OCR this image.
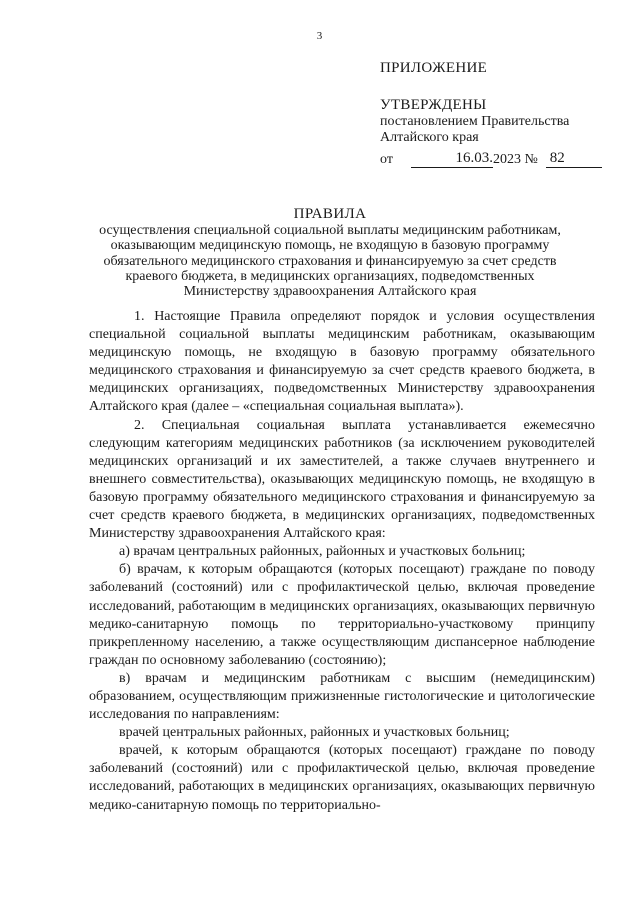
3
ПРИЛОЖЕНИЕ
УТВЕРЖДЕНЫ
постановлением Правительства
Алтайского края
от	16.03. 2023 № 82
ПРАВИЛА
осуществления специальной социальной выплаты медицинским работникам,
оказывающим медицинскую помощь, не входящую в базовую программу
обязательного медицинского страхования и финансируемую за счет средств
краевого бюджета, в медицинских организациях, подведомственных
Министерству здравоохранения Алтайского края

1. Настоящие Правила определяют порядок и условия осуществления специальной социальной выплаты медицинским работникам, оказывающим медицинскую помощь, не входящую в базовую программу обязательного медицинского страхования и финансируемую за счет средств краевого бюджета, в медицинских организациях, подведомственных Министерству здравоохранения Алтайского края (далее – «специальная социальная выплата»).

2. Специальная социальная выплата устанавливается ежемесячно следующим категориям медицинских работников (за исключением руководителей медицинских организаций и их заместителей, а также случаев внутреннего и внешнего совместительства), оказывающих медицинскую помощь, не входящую в базовую программу обязательного медицинского страхования и финансируемую за счет средств краевого бюджета, в медицинских организациях, подведомственных Министерству здравоохранения Алтайского края:

а) врачам центральных районных, районных и участковых больниц;

б) врачам, к которым обращаются (которых посещают) граждане по поводу заболеваний (состояний) или с профилактической целью, включая проведение исследований, работающим в медицинских организациях, оказывающих первичную медико-санитарную помощь по территориально-участковому принципу прикрепленному населению, а также осуществляющим диспансерное наблюдение граждан по основному заболеванию (состоянию);

в) врачам и медицинским работникам с высшим (немедицинским) образованием, осуществляющим прижизненные гистологические и цитологические исследования по направлениям:

врачей центральных районных, районных и участковых больниц;

врачей, к которым обращаются (которых посещают) граждане по поводу заболеваний (состояний) или с профилактической целью, включая проведение исследований, работающих в медицинских организациях, оказывающих первичную медико-санитарную помощь по территориально-
